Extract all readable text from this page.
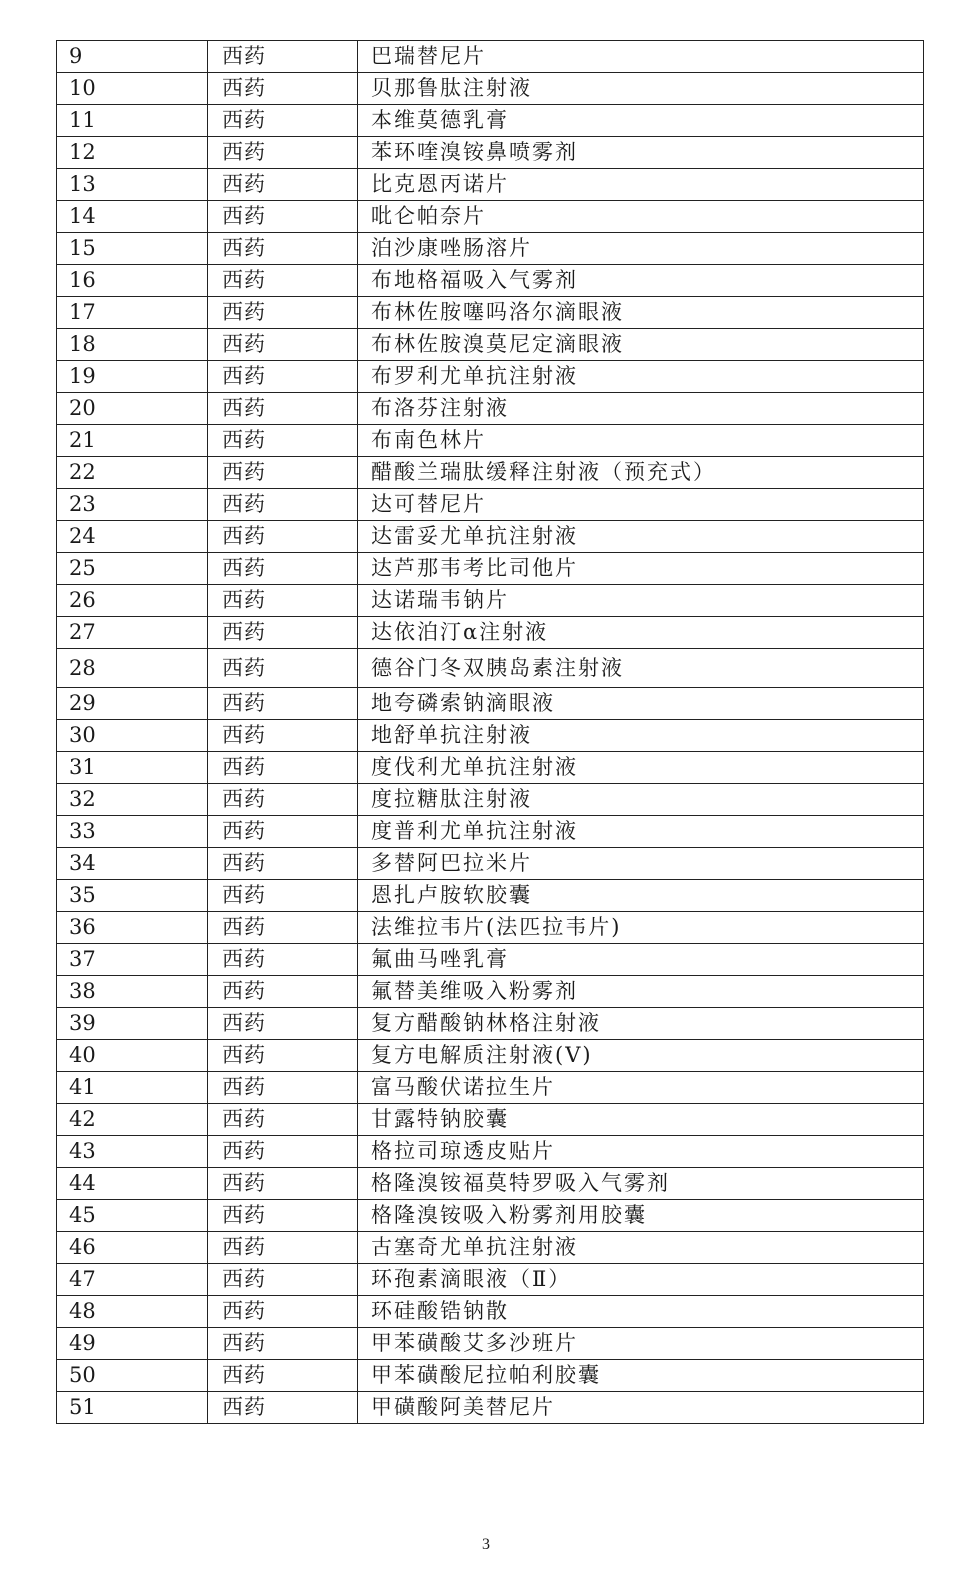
9	西药	巴瑞替尼片
10	西药	贝那鲁肽注射液
11	西药	本维莫德乳膏
12	西药	苯环喹溴铵鼻喷雾剂
13	西药	比克恩丙诺片
14	西药	吡仑帕奈片
15	西药	泊沙康唑肠溶片
16	西药	布地格福吸入气雾剂
17	西药	布林佐胺噻吗洛尔滴眼液
18	西药	布林佐胺溴莫尼定滴眼液
19	西药	布罗利尤单抗注射液
20	西药	布洛芬注射液
21	西药	布南色林片
22	西药	醋酸兰瑞肽缓释注射液（预充式）
23	西药	达可替尼片
24	西药	达雷妥尤单抗注射液
25	西药	达芦那韦考比司他片
26	西药	达诺瑞韦钠片
27	西药	达依泊汀α注射液
28	西药	德谷门冬双胰岛素注射液
29	西药	地夸磷索钠滴眼液
30	西药	地舒单抗注射液
31	西药	度伐利尤单抗注射液
32	西药	度拉糖肽注射液
33	西药	度普利尤单抗注射液
34	西药	多替阿巴拉米片
35	西药	恩扎卢胺软胶囊
36	西药	法维拉韦片(法匹拉韦片)
37	西药	氟曲马唑乳膏
38	西药	氟替美维吸入粉雾剂
39	西药	复方醋酸钠林格注射液
40	西药	复方电解质注射液(V)
41	西药	富马酸伏诺拉生片
42	西药	甘露特钠胶囊
43	西药	格拉司琼透皮贴片
44	西药	格隆溴铵福莫特罗吸入气雾剂
45	西药	格隆溴铵吸入粉雾剂用胶囊
46	西药	古塞奇尤单抗注射液
47	西药	环孢素滴眼液（Ⅱ）
48	西药	环硅酸锆钠散
49	西药	甲苯磺酸艾多沙班片
50	西药	甲苯磺酸尼拉帕利胶囊
51	西药	甲磺酸阿美替尼片
3
